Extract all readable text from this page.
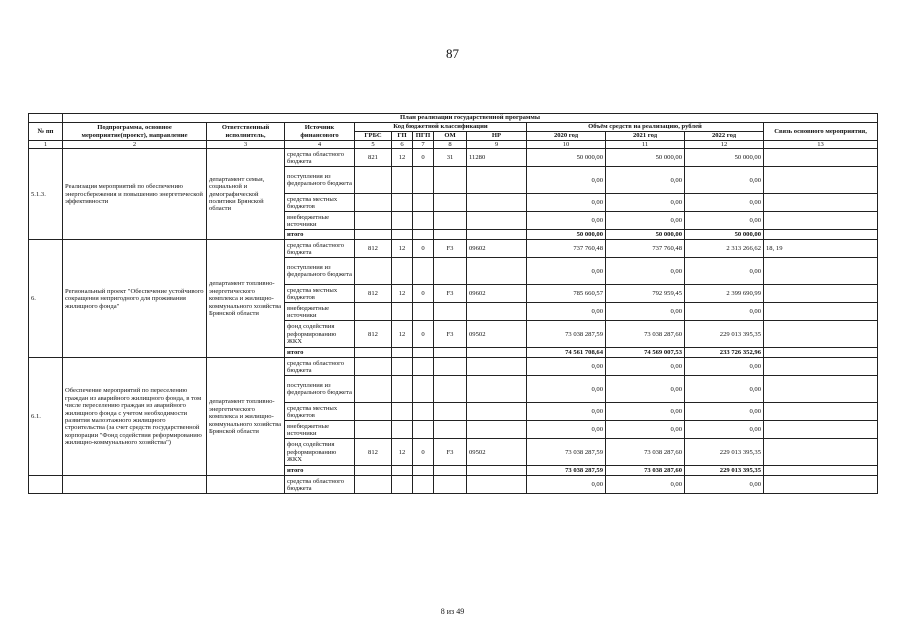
87
	План реализации государственной программы											
№ пп	Подпрограмма, основное мероприятие(проект), направление	Ответственный исполнитель,	Источник финансового	Код бюджетной классификации					Объём средств на реализацию, рублей			Связь основного мероприятия,
				ГРБС	ГП	ПГП	ОМ	НР	2020 год	2021 год	2022 год	
1	2	3	4	5	6	7	8	9	10	11	12	13
5.1.3.	Реализация мероприятий по обеспечению энергосбережения и повышению энергетической эффективности	департамент семьи, социальной и демографической политики Брянской области	средства областного бюджета	821	12	0	31	11280	50 000,00	50 000,00	50 000,00	
			поступления из федерального бюджета						0,00	0,00	0,00	
			средства местных бюджетов						0,00	0,00	0,00	
			внебюджетные источники						0,00	0,00	0,00	
			итого						50 000,00	50 000,00	50 000,00	
6.	Региональный проект "Обеспечение устойчивого сокращения непригодного для проживания жилищного фонда"	департамент топливно-энергетического комплекса и жилищно-коммунального хозяйства Брянской области	средства областного бюджета	812	12	0	F3	09602	737 760,48	737 760,48	2 313 266,62	18, 19
			поступления из федерального бюджета						0,00	0,00	0,00	
			средства местных бюджетов	812	12	0	F3	09602	785 660,57	792 959,45	2 399 690,99	
			внебюджетные источники						0,00	0,00	0,00	
			фонд содействия реформированию ЖКХ	812	12	0	F3	09502	73 038 287,59	73 038 287,60	229 013 395,35	
			итого						74 561 708,64	74 569 007,53	233 726 352,96	
6.1.	Обеспечение мероприятий по переселению граждан из аварийного жилищного фонда, в том числе переселению граждан из аварийного жилищного фонда с учетом необходимости развития малоэтажного жилищного строительства (за счет средств государственной корпорации "Фонд содействия реформированию жилищно-коммунального хозяйства")	департамент топливно-энергетического комплекса и жилищно-коммунального хозяйства Брянской области	средства областного бюджета						0,00	0,00	0,00	
			поступления из федерального бюджета						0,00	0,00	0,00	
			средства местных бюджетов						0,00	0,00	0,00	
			внебюджетные источники						0,00	0,00	0,00	
			фонд содействия реформированию ЖКХ	812	12	0	F3	09502	73 038 287,59	73 038 287,60	229 013 395,35	
			итого						73 038 287,59	73 038 287,60	229 013 395,35	
			средства областного бюджета						0,00	0,00	0,00	
8 из 49
